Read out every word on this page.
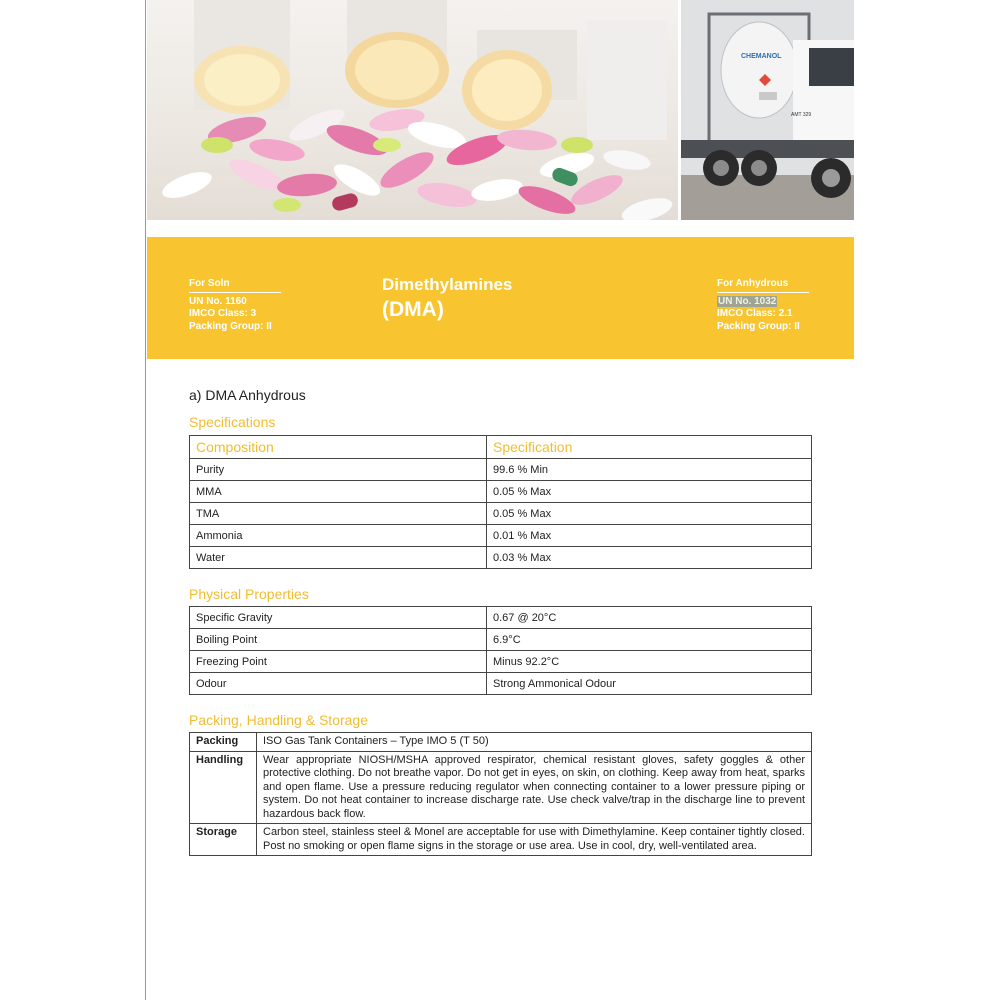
CHEMANOL
AMT 329
For Soln
UN No. 1160
IMCO Class: 3
Packing Group: II
Dimethylamines
(DMA)
For Anhydrous
UN No. 1032
IMCO Class: 2.1
Packing Group: II
a) DMA Anhydrous
Specifications
Composition	Specification
Purity	99.6 % Min
MMA	0.05 % Max
TMA	0.05 % Max
Ammonia	0.01 % Max
Water	0.03 % Max
Physical Properties
Specific Gravity	0.67 @ 20°C
Boiling Point	6.9°C
Freezing Point	Minus 92.2°C
Odour	Strong Ammonical Odour
Packing, Handling & Storage
Packing	ISO Gas Tank Containers – Type IMO 5 (T 50)
Handling	Wear appropriate NIOSH/MSHA approved respirator, chemical resistant gloves, safety goggles & other protective clothing. Do not breathe vapor. Do not get in eyes, on skin, on clothing. Keep away from heat, sparks and open flame. Use a pressure reducing regulator when connecting container to a lower pressure piping or system. Do not heat container to increase discharge rate. Use check valve/trap in the discharge line to prevent hazardous back flow.
Storage	Carbon steel, stainless steel & Monel are acceptable for use with Dimethylamine. Keep container tightly closed. Post no smoking or open flame signs in the storage or use area. Use in cool, dry, well-ventilated area.
